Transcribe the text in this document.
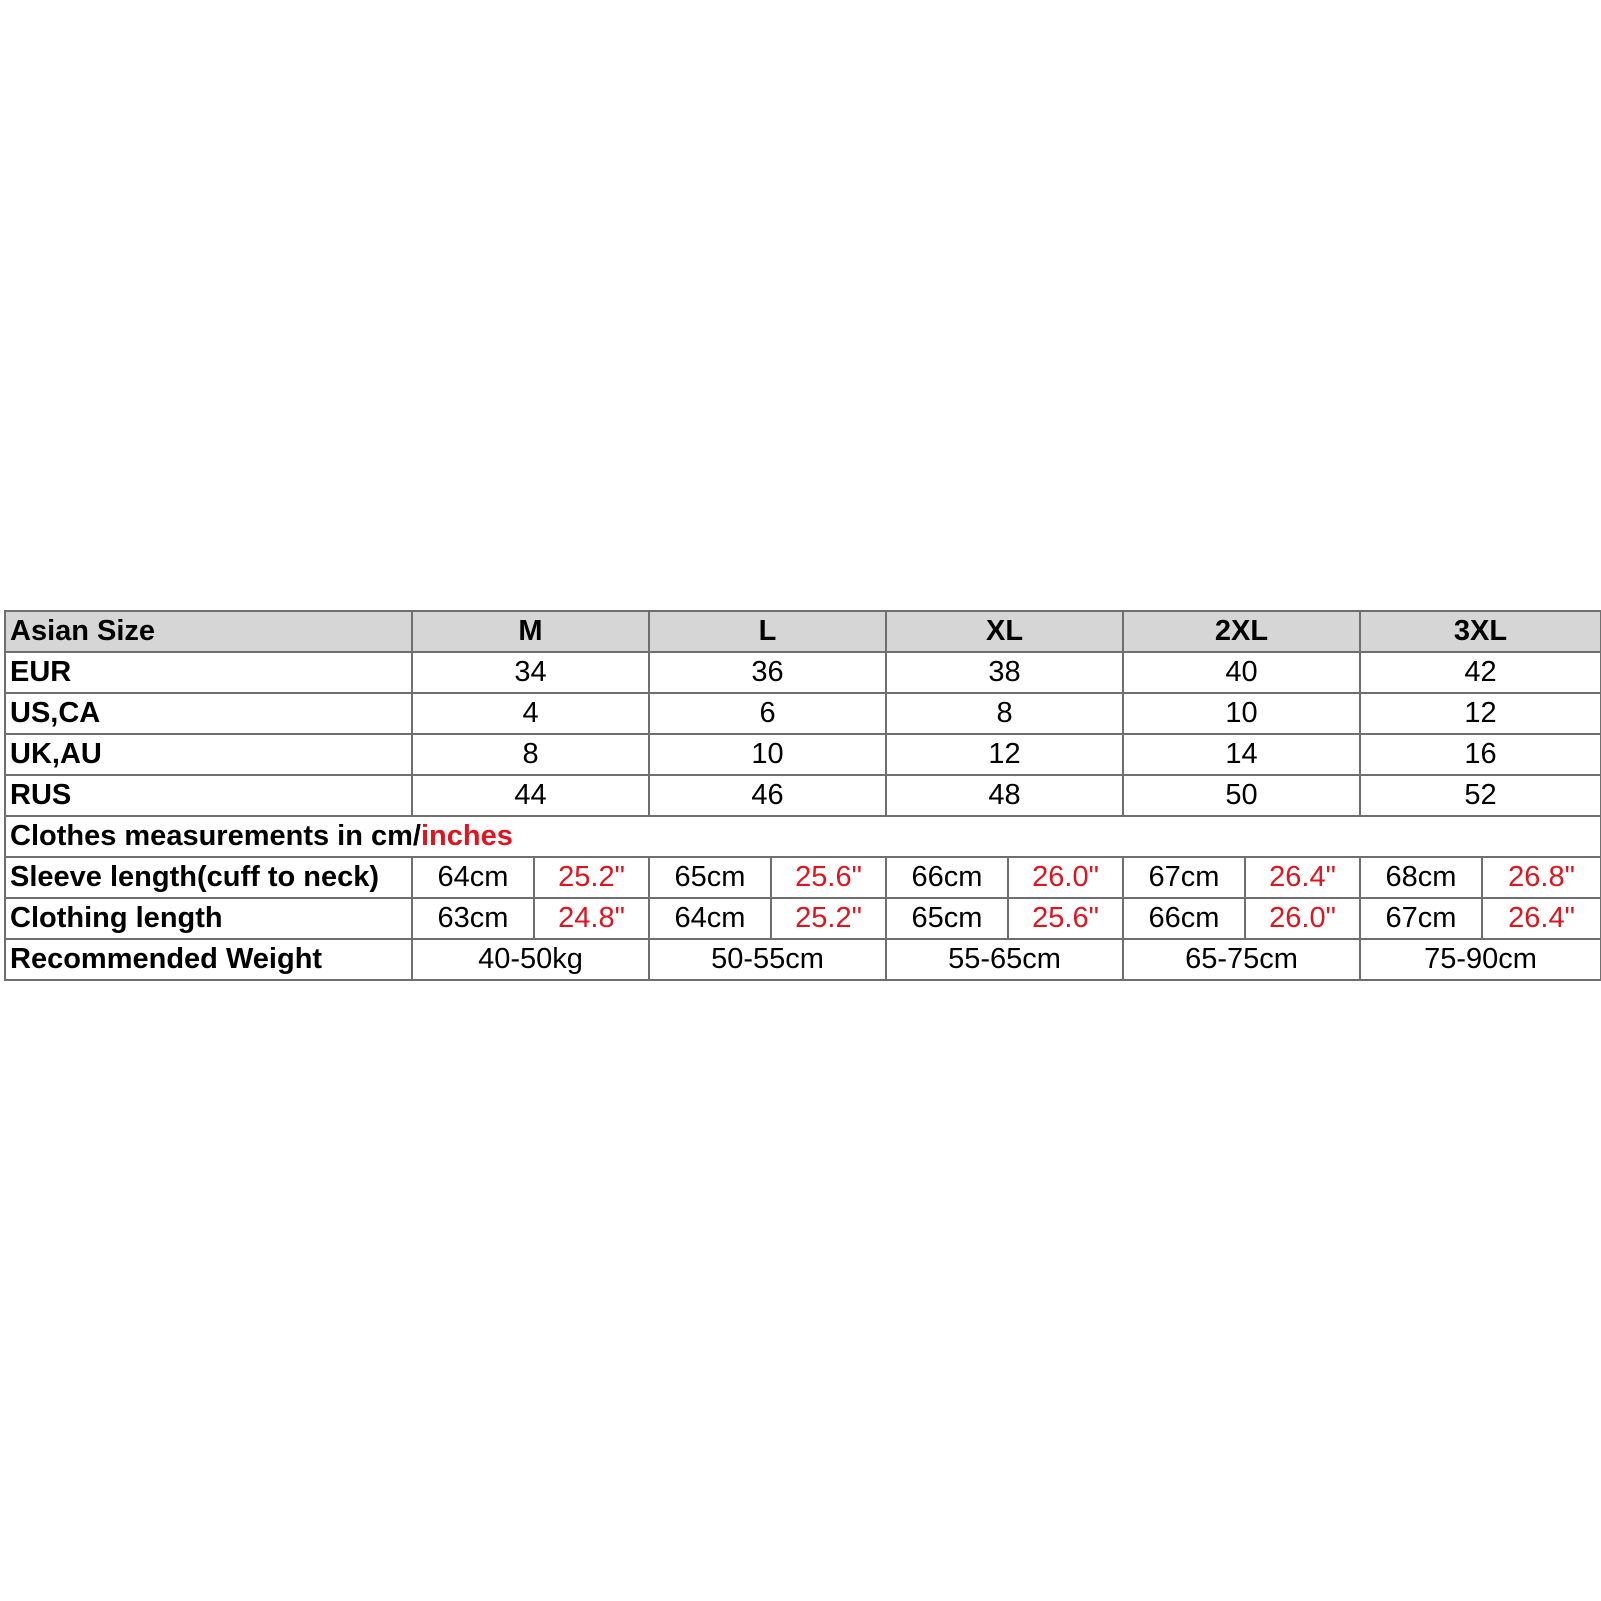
Asian Size	M		L		XL		2XL		3XL	
EUR	34		36		38		40		42	
US,CA	4		6		8		10		12	
UK,AU	8		10		12		14		16	
RUS	44		46		48		50		52	
Clothes measurements in cm/inches										
Sleeve length(cuff to neck)	64cm	25.2"	65cm	25.6"	66cm	26.0"	67cm	26.4"	68cm	26.8"
Clothing length	63cm	24.8"	64cm	25.2"	65cm	25.6"	66cm	26.0"	67cm	26.4"
Recommended Weight	40-50kg		50-55cm		55-65cm		65-75cm		75-90cm	
